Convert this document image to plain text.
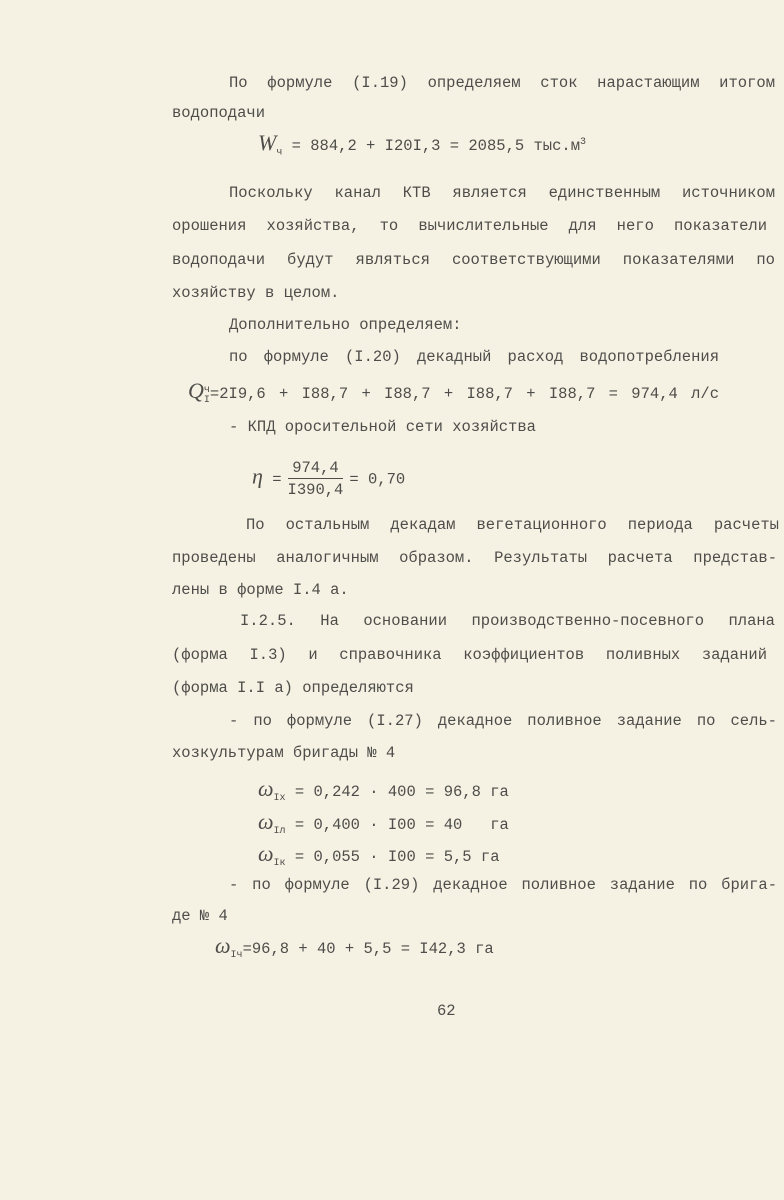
По формуле (I.19) определяем сток нарастающим итогом
водоподачи
$W_ч = 884,2 + I20I,3 = 2085,5$ $тыс.м^3$
Поскольку канал КТВ является единственным источником
орошения хозяйства, то вычислительные для него показатели
водоподачи будут являться соответствующими показателями по
хозяйству в целом.
Дополнительно определяем:
по формуле (I.20) декадный расход водопотребления
$Q^ч_I=2I9,6 + I88,7 + I88,7 + I88,7 + I88,7 = 974,4$ л/с
- КПД оросительной сети хозяйства
$\eta = \frac{974,4}{I390,4} = 0,70$
По остальным декадам вегетационного периода расчеты
проведены аналогичным образом. Результаты расчета представ-
лены в форме I.4 а.
I.2.5. На основании производственно-посевного плана
(форма I.3) и справочника коэффициентов поливных заданий
(форма I.I а) определяются
- по формуле (I.27) декадное поливное задание по сель-
хозкультурам бригады № 4
$\omega_{Iх} = 0,242 \cdot 400 = 96,8$ га
$\omega_{Iл} = 0,400 \cdot I00 = 40$   га
$\omega_{Iк} = 0,055 \cdot I00 = 5,5$ га
- по формуле (I.29) декадное поливное задание по брига-
де № 4
$\omega_{Iч}=96,8 + 40 + 5,5 = I42,3$ га
62
